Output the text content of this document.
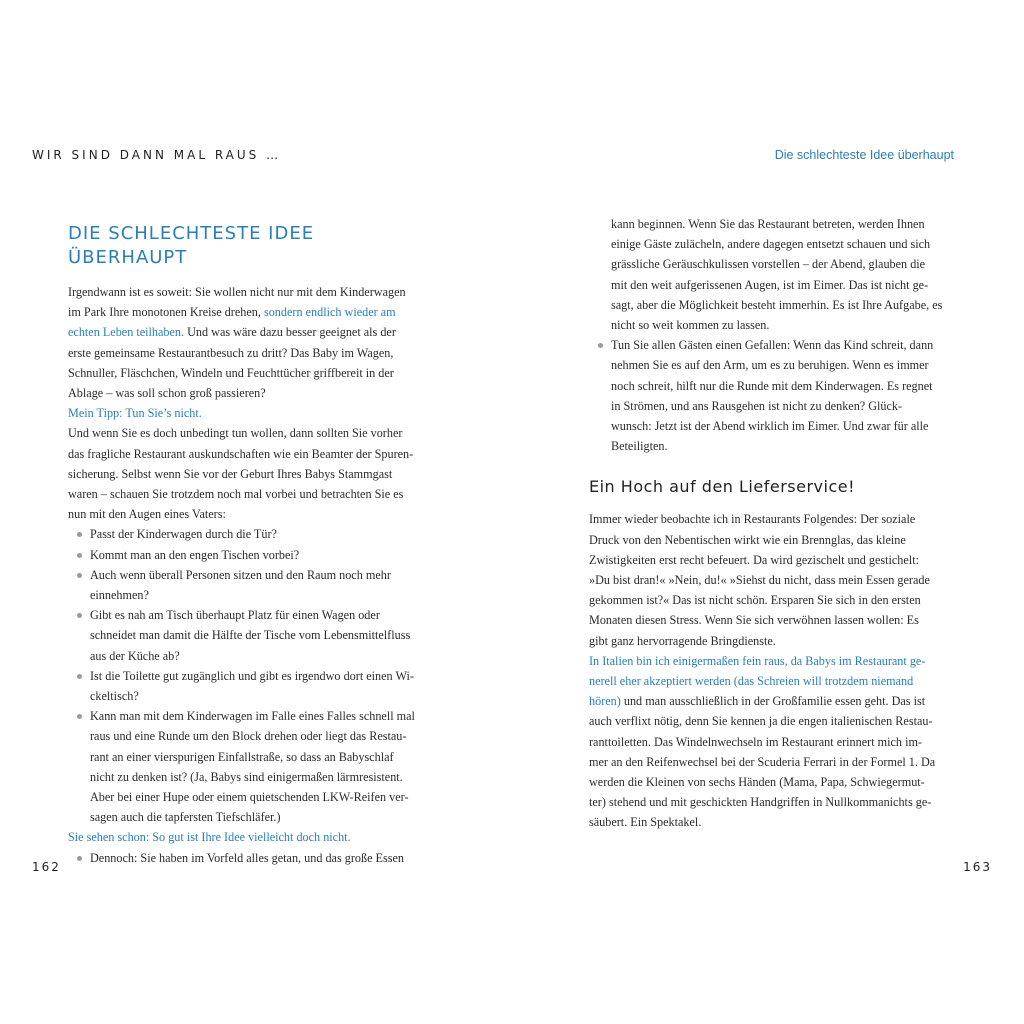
WIR SIND DANN MAL RAUS …	Die schlechteste Idee überhaupt
DIE SCHLECHTESTE IDEE ÜBERHAUPT
Irgendwann ist es soweit: Sie wollen nicht nur mit dem Kinderwagen
im Park Ihre monotonen Kreise drehen, sondern endlich wieder am
echten Leben teilhaben. Und was wäre dazu besser geeignet als der
erste gemeinsame Restaurantbesuch zu dritt? Das Baby im Wagen,
Schnuller, Fläschchen, Windeln und Feuchttücher griffbereit in der
Ablage – was soll schon groß passieren?
Mein Tipp: Tun Sie’s nicht.
Und wenn Sie es doch unbedingt tun wollen, dann sollten Sie vorher
das fragliche Restaurant auskundschaften wie ein Beamter der Spuren-
sicherung. Selbst wenn Sie vor der Geburt Ihres Babys Stammgast
waren – schauen Sie trotzdem noch mal vorbei und betrachten Sie es
nun mit den Augen eines Vaters:
Passt der Kinderwagen durch die Tür?
Kommt man an den engen Tischen vorbei?
Auch wenn überall Personen sitzen und den Raum noch mehr
einnehmen?
Gibt es nah am Tisch überhaupt Platz für einen Wagen oder
schneidet man damit die Hälfte der Tische vom Lebensmittelfluss
aus der Küche ab?
Ist die Toilette gut zugänglich und gibt es irgendwo dort einen Wi-
ckeltisch?
Kann man mit dem Kinderwagen im Falle eines Falles schnell mal
raus und eine Runde um den Block drehen oder liegt das Restau-
rant an einer vierspurigen Einfallstraße, so dass an Babyschlaf
nicht zu denken ist? (Ja, Babys sind einigermaßen lärmresistent.
Aber bei einer Hupe oder einem quietschenden LKW-Reifen ver-
sagen auch die tapfersten Tiefschläfer.)
Sie sehen schon: So gut ist Ihre Idee vielleicht doch nicht.
Dennoch: Sie haben im Vorfeld alles getan, und das große Essen
kann beginnen. Wenn Sie das Restaurant betreten, werden Ihnen
einige Gäste zulächeln, andere dagegen entsetzt schauen und sich
grässliche Geräuschkulissen vorstellen – der Abend, glauben die
mit den weit aufgerissenen Augen, ist im Eimer. Das ist nicht ge-
sagt, aber die Möglichkeit besteht immerhin. Es ist Ihre Aufgabe, es
nicht so weit kommen zu lassen.
Tun Sie allen Gästen einen Gefallen: Wenn das Kind schreit, dann
nehmen Sie es auf den Arm, um es zu beruhigen. Wenn es immer
noch schreit, hilft nur die Runde mit dem Kinderwagen. Es regnet
in Strömen, und ans Rausgehen ist nicht zu denken? Glück-
wunsch: Jetzt ist der Abend wirklich im Eimer. Und zwar für alle
Beteiligten.
Ein Hoch auf den Lieferservice!
Immer wieder beobachte ich in Restaurants Folgendes: Der soziale
Druck von den Nebentischen wirkt wie ein Brennglas, das kleine
Zwistigkeiten erst recht befeuert. Da wird gezischelt und gestichelt:
»Du bist dran!« »Nein, du!« »Siehst du nicht, dass mein Essen gerade
gekommen ist?« Das ist nicht schön. Ersparen Sie sich in den ersten
Monaten diesen Stress. Wenn Sie sich verwöhnen lassen wollen: Es
gibt ganz hervorragende Bringdienste.
In Italien bin ich einigermaßen fein raus, da Babys im Restaurant ge-
nerell eher akzeptiert werden (das Schreien will trotzdem niemand
hören) und man ausschließlich in der Großfamilie essen geht. Das ist
auch verflixt nötig, denn Sie kennen ja die engen italienischen Restau-
ranttoiletten. Das Windelnwechseln im Restaurant erinnert mich im-
mer an den Reifenwechsel bei der Scuderia Ferrari in der Formel 1. Da
werden die Kleinen von sechs Händen (Mama, Papa, Schwiegermut-
ter) stehend und mit geschickten Handgriffen in Nullkommanichts ge-
säubert. Ein Spektakel.
162	163
